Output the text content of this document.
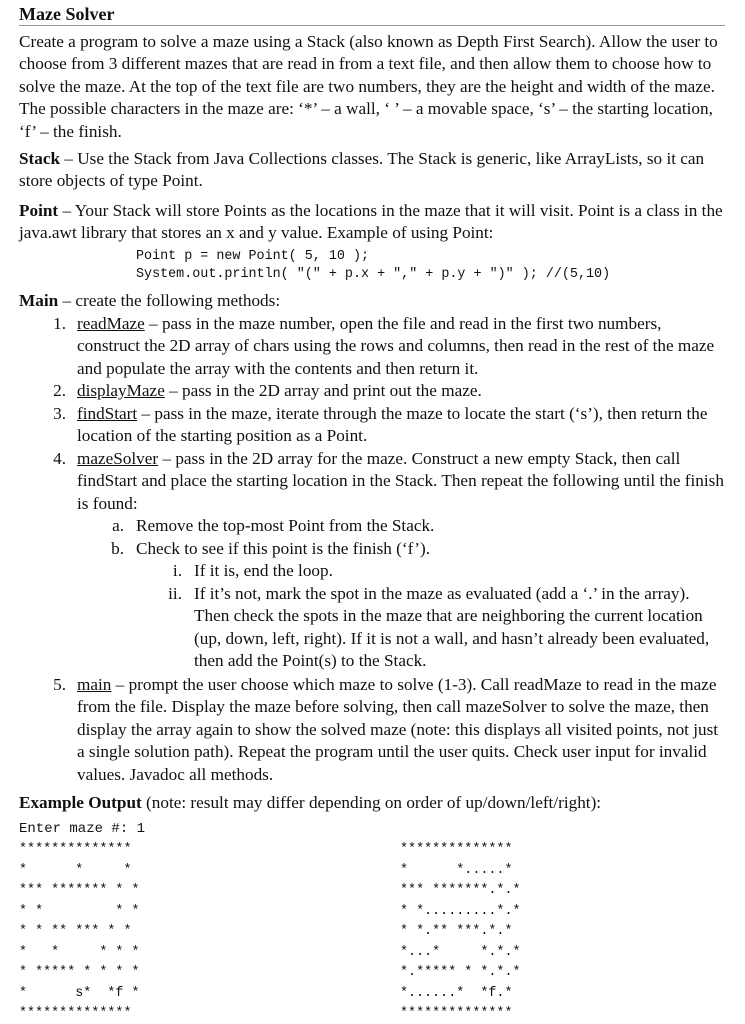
Maze Solver
Create a program to solve a maze using a Stack (also known as Depth First Search). Allow the user to choose from 3 different mazes that are read in from a text file, and then allow them to choose how to solve the maze. At the top of the text file are two numbers, they are the height and width of the maze. The possible characters in the maze are: ‘*’ – a wall, ‘ ’ – a movable space, ‘s’ – the starting location, ‘f’ – the finish.
Stack – Use the Stack from Java Collections classes. The Stack is generic, like ArrayLists, so it can store objects of type Point.
Point – Your Stack will store Points as the locations in the maze that it will visit. Point is a class in the java.awt library that stores an x and y value. Example of using Point:
Point p = new Point( 5, 10 );
System.out.println( "(" + p.x + "," + p.y + ")" ); //(5,10)
Main – create the following methods:
1. readMaze – pass in the maze number, open the file and read in the first two numbers, construct the 2D array of chars using the rows and columns, then read in the rest of the maze and populate the array with the contents and then return it.
2. displayMaze – pass in the 2D array and print out the maze.
3. findStart – pass in the maze, iterate through the maze to locate the start (‘s’), then return the location of the starting position as a Point.
4. mazeSolver – pass in the 2D array for the maze. Construct a new empty Stack, then call findStart and place the starting location in the Stack. Then repeat the following until the finish is found:
a. Remove the top-most Point from the Stack.
b. Check to see if this point is the finish (‘f’).
i. If it is, end the loop.
ii. If it’s not, mark the spot in the maze as evaluated (add a ‘.’ in the array). Then check the spots in the maze that are neighboring the current location (up, down, left, right). If it is not a wall, and hasn’t already been evaluated, then add the Point(s) to the Stack.
5. main – prompt the user choose which maze to solve (1-3). Call readMaze to read in the maze from the file. Display the maze before solving, then call mazeSolver to solve the maze, then display the array again to show the solved maze (note: this displays all visited points, not just a single solution path). Repeat the program until the user quits. Check user input for invalid values. Javadoc all methods.
Example Output (note: result may differ depending on order of up/down/left/right):
Enter maze #: 1
**************
*      *     *
*** ******* * *
* *         * *
* * ** *** * *
*   *     * * *
* ***** * * * *
*      s*  *f *
**************
**************
*      *.....*
*** *******.*.*
* *.........*.*
* *.** ***.*.*
*...*     *.*.*
*.***** * *.*.*
*......*  *f.*
**************
